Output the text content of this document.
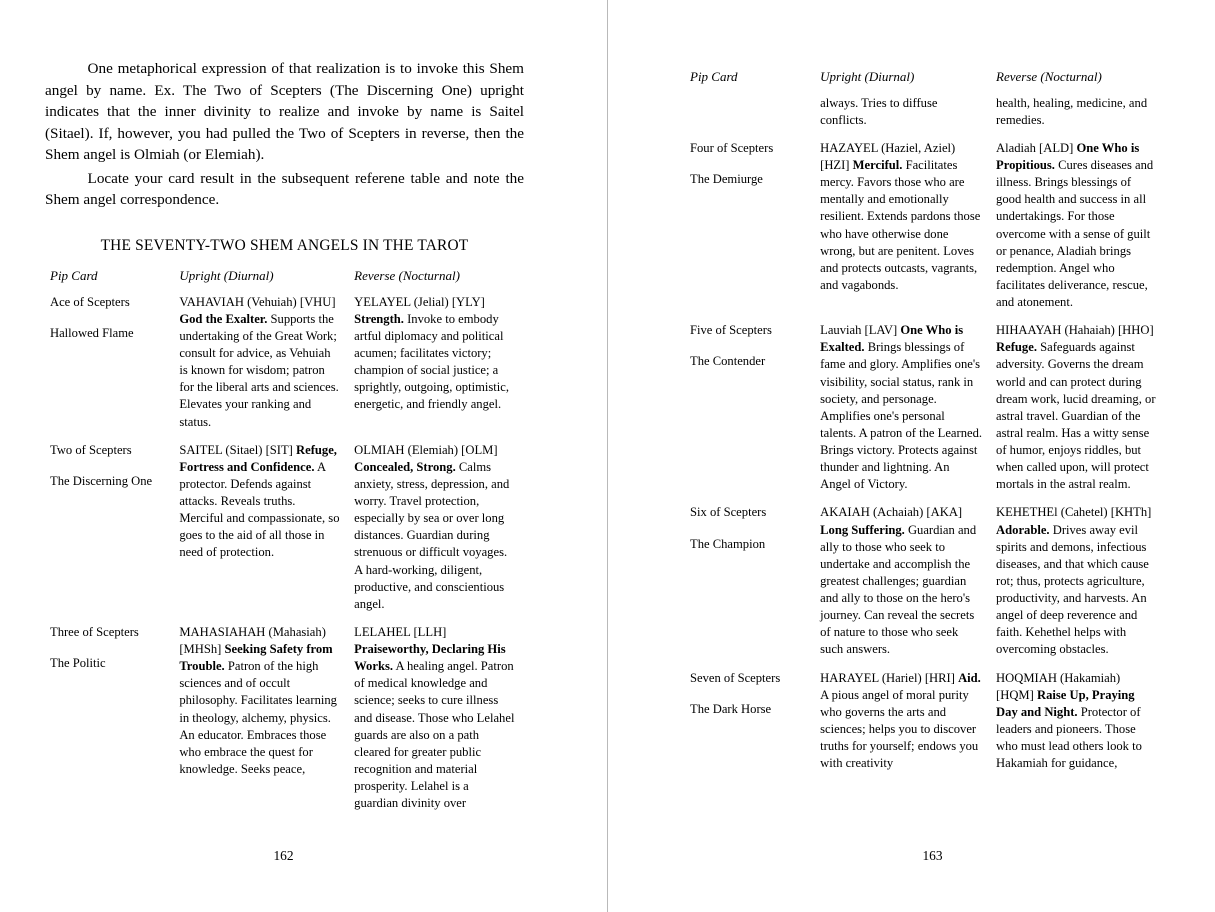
One metaphorical expression of that realization is to invoke this Shem angel by name. Ex. The Two of Scepters (The Discerning One) upright indicates that the inner divinity to realize and invoke by name is Saitel (Sitael). If, however, you had pulled the Two of Scepters in reverse, then the Shem angel is Olmiah (or Elemiah).

Locate your card result in the subsequent referene table and note the Shem angel correspondence.

THE SEVENTY-TWO SHEM ANGELS IN THE TAROT
Pip Card	Upright (Diurnal)	Reverse (Nocturnal)

Ace of Scepters
Hallowed Flame
	VAHAVIAH (Vehuiah) [VHU] God the Exalter. Supports the undertaking of the Great Work; consult for advice, as Vehuiah is known for wisdom; patron for the liberal arts and sciences. Elevates your ranking and status.	YELAYEL (Jelial) [YLY] Strength. Invoke to embody artful diplomacy and political acumen; facilitates victory; champion of social justice; a sprightly, outgoing, optimistic, energetic, and friendly angel.

Two of Scepters
The Discerning One	SAITEL (Sitael) [SIT] Refuge, Fortress and Confidence. A protector. Defends against attacks. Reveals truths. Merciful and compassionate, so goes to the aid of all those in need of protection.	OLMIAH (Elemiah) [OLM] Concealed, Strong. Calms anxiety, stress, depression, and worry. Travel protection, especially by sea or over long distances. Guardian during strenuous or difficult voyages. A hard-working, diligent, productive, and conscientious angel.

Three of Scepters
The Politic
	MAHASIAHAH (Mahasiah) [MHSh] Seeking Safety from Trouble. Patron of the high sciences and of occult philosophy. Facilitates learning in theology, alchemy, physics. An educator. Embraces those who embrace the quest for knowledge. Seeks peace,	LELAHEL [LLH] Praiseworthy, Declaring His Works. A healing angel. Patron of medical knowledge and science; seeks to cure illness and disease. Those who Lelahel guards are also on a path cleared for greater public recognition and material prosperity. Lelahel is a guardian divinity over
162
Pip Card	Upright (Diurnal)	Reverse (Nocturnal)

	always. Tries to diffuse conflicts.	health, healing, medicine, and remedies.

Four of Scepters
The Demiurge
	HAZAYEL (Haziel, Aziel) [HZI] Merciful. Facilitates mercy. Favors those who are mentally and emotionally resilient. Extends pardons those who have otherwise done wrong, but are penitent. Loves and protects outcasts, vagrants, and vagabonds.	Aladiah [ALD] One Who is Propitious. Cures diseases and illness. Brings blessings of good health and success in all undertakings. For those overcome with a sense of guilt or penance, Aladiah brings redemption. Angel who facilitates deliverance, rescue, and atonement.

Five of Scepters
The Contender
	Lauviah [LAV] One Who is Exalted. Brings blessings of fame and glory. Amplifies one's visibility, social status, rank in society, and personage. Amplifies one's personal talents. A patron of the Learned. Brings victory. Protects against thunder and lightning. An Angel of Victory.	HIHAAYAH (Hahaiah) [HHO] Refuge. Safeguards against adversity. Governs the dream world and can protect during dream work, lucid dreaming, or astral travel. Guardian of the astral realm. Has a witty sense of humor, enjoys riddles, but when called upon, will protect mortals in the astral realm.

Six of Scepters
The Champion
	AKAIAH (Achaiah) [AKA] Long Suffering. Guardian and ally to those who seek to undertake and accomplish the greatest challenges; guardian and ally to those on the hero's journey. Can reveal the secrets of nature to those who seek such answers.	KEHETHEl (Cahetel) [KHTh] Adorable. Drives away evil spirits and demons, infectious diseases, and that which cause rot; thus, protects agriculture, productivity, and harvests. An angel of deep reverence and faith. Kehethel helps with overcoming obstacles.

Seven of Scepters
The Dark Horse	HARAYEL (Hariel) [HRI] Aid. A pious angel of moral purity who governs the arts and sciences; helps you to discover truths for yourself; endows you with creativity	HOQMIAH (Hakamiah) [HQM] Raise Up, Praying Day and Night. Protector of leaders and pioneers. Those who must lead others look to Hakamiah for guidance,
163
